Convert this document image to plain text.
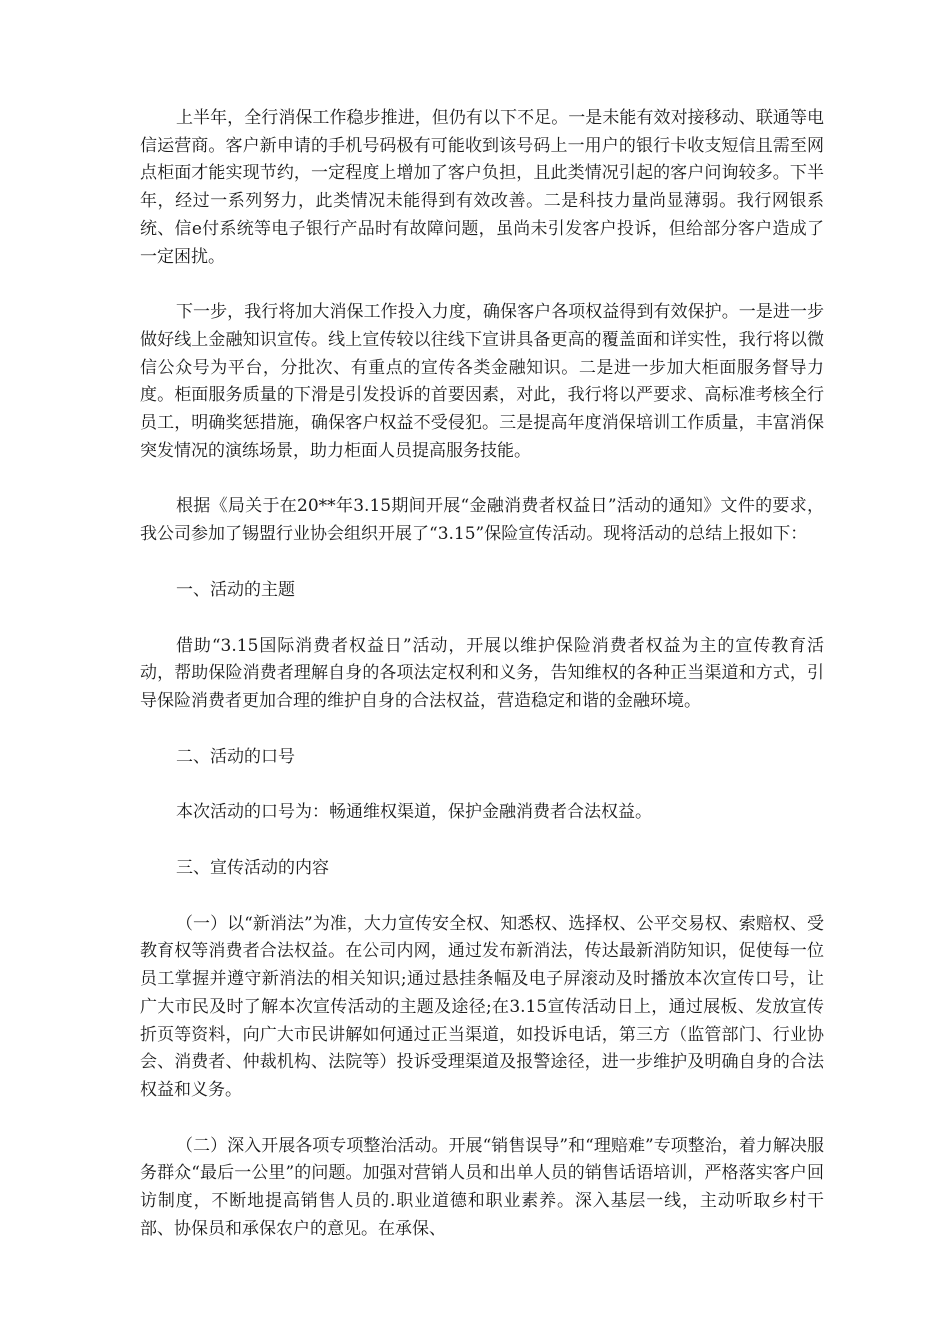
上半年，全行消保工作稳步推进，但仍有以下不足。一是未能有效对接移动、联通等电信运营商。客户新申请的手机号码极有可能收到该号码上一用户的银行卡收支短信且需至网点柜面才能实现节约，一定程度上增加了客户负担，且此类情况引起的客户问询较多。下半年，经过一系列努力，此类情况未能得到有效改善。二是科技力量尚显薄弱。我行网银系统、信e付系统等电子银行产品时有故障问题，虽尚未引发客户投诉，但给部分客户造成了一定困扰。

下一步，我行将加大消保工作投入力度，确保客户各项权益得到有效保护。一是进一步做好线上金融知识宣传。线上宣传较以往线下宣讲具备更高的覆盖面和详实性，我行将以微信公众号为平台，分批次、有重点的宣传各类金融知识。二是进一步加大柜面服务督导力度。柜面服务质量的下滑是引发投诉的首要因素，对此，我行将以严要求、高标准考核全行员工，明确奖惩措施，确保客户权益不受侵犯。三是提高年度消保培训工作质量，丰富消保突发情况的演练场景，助力柜面人员提高服务技能。

根据《局关于在20**年3.15期间开展“金融消费者权益日”活动的通知》文件的要求，我公司参加了锡盟行业协会组织开展了“3.15”保险宣传活动。现将活动的总结上报如下：

一、活动的主题

借助“3.15国际消费者权益日”活动，开展以维护保险消费者权益为主的宣传教育活动，帮助保险消费者理解自身的各项法定权利和义务，告知维权的各种正当渠道和方式，引导保险消费者更加合理的维护自身的合法权益，营造稳定和谐的金融环境。

二、活动的口号

本次活动的口号为：畅通维权渠道，保护金融消费者合法权益。

三、宣传活动的内容

（一）以“新消法”为准，大力宣传安全权、知悉权、选择权、公平交易权、索赔权、受教育权等消费者合法权益。在公司内网，通过发布新消法，传达最新消防知识，促使每一位员工掌握并遵守新消法的相关知识;通过悬挂条幅及电子屏滚动及时播放本次宣传口号，让广大市民及时了解本次宣传活动的主题及途径;在3.15宣传活动日上，通过展板、发放宣传折页等资料，向广大市民讲解如何通过正当渠道，如投诉电话，第三方（监管部门、行业协会、消费者、仲裁机构、法院等）投诉受理渠道及报警途径，进一步维护及明确自身的合法权益和义务。

（二）深入开展各项专项整治活动。开展“销售误导”和“理赔难”专项整治，着力解决服务群众“最后一公里”的问题。加强对营销人员和出单人员的销售话语培训，严格落实客户回访制度，不断地提高销售人员的.职业道德和职业素养。深入基层一线，主动听取乡村干部、协保员和承保农户的意见。在承保、
